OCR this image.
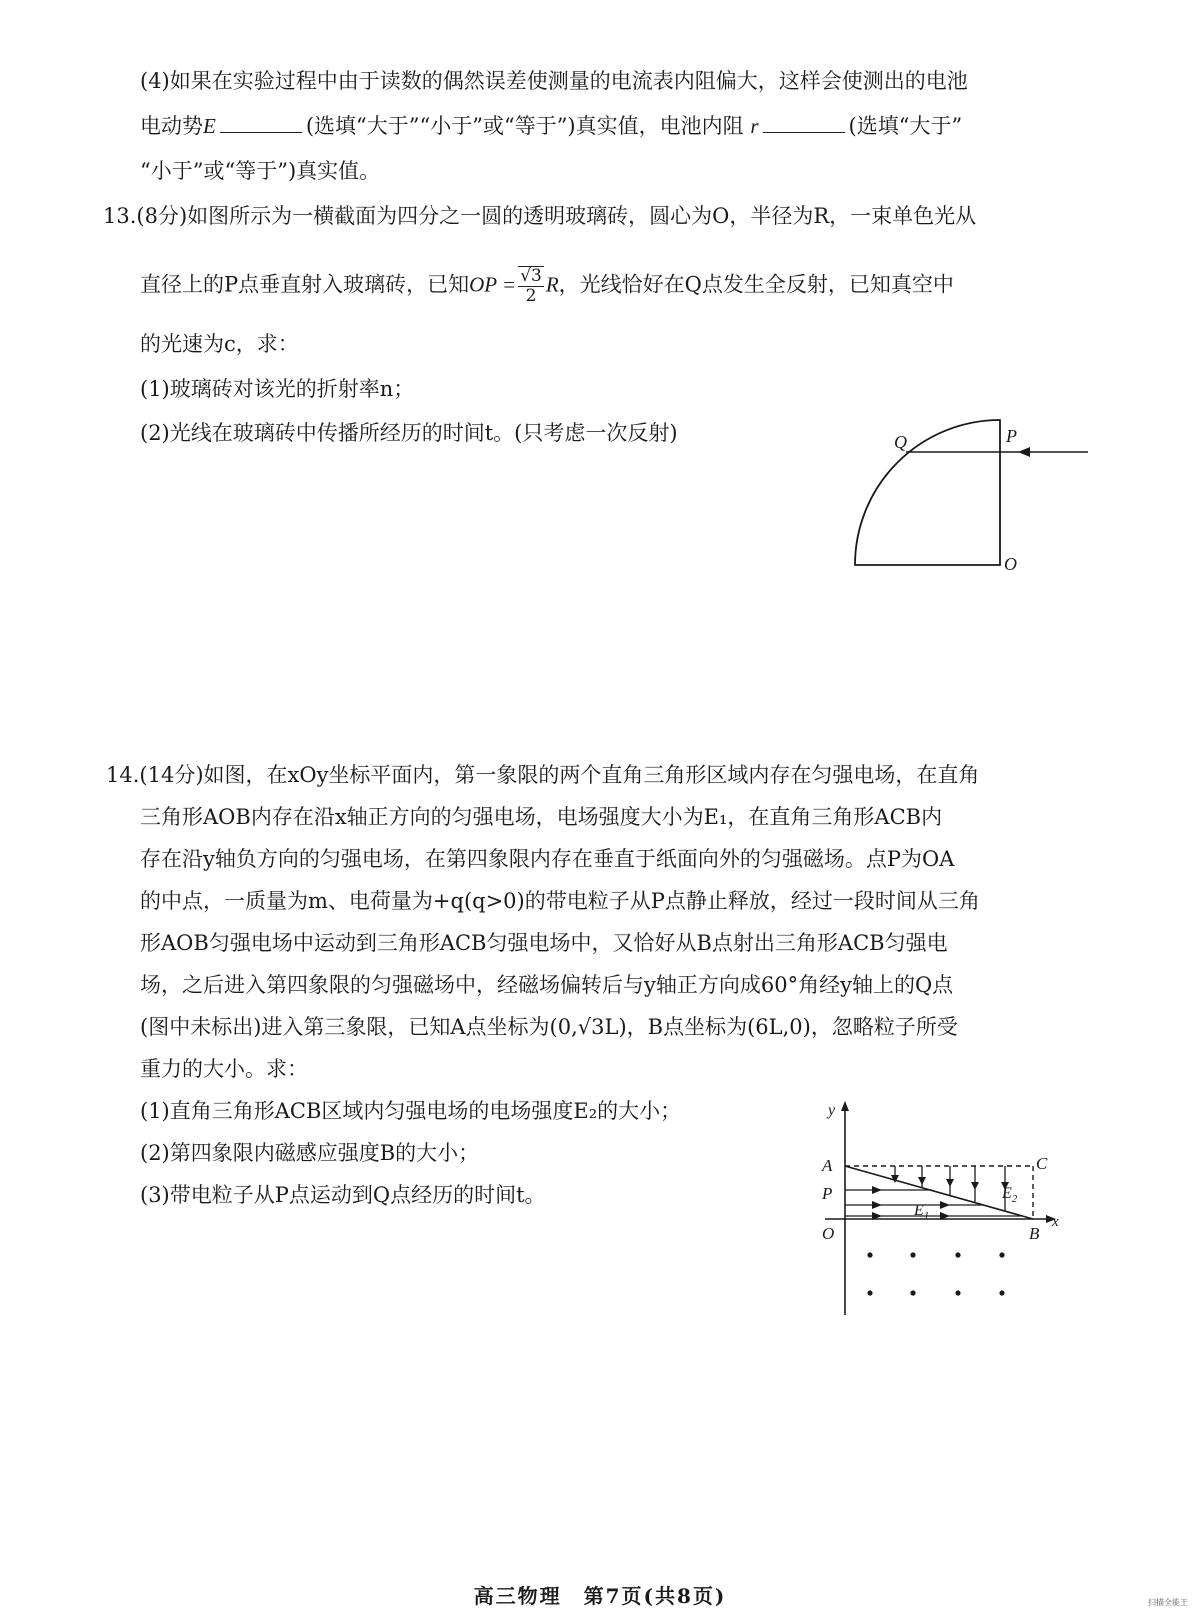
(4)如果在实验过程中由于读数的偶然误差使测量的电流表内阻偏大，这样会使测出的电池
电动势E	(选填“大于”“小于”或“等于”)真实值，电池内阻 r	(选填“大于”
“小于”或“等于”)真实值。
13.(8分)如图所示为一横截面为四分之一圆的透明玻璃砖，圆心为O，半径为R，一束单色光从
直径上的P点垂直射入玻璃砖，已知OP = $\frac{√3}{2}$ R，光线恰好在Q点发生全反射，已知真空中
的光速为c，求：
(1)玻璃砖对该光的折射率n；
(2)光线在玻璃砖中传播所经历的时间t。(只考虑一次反射)	Q	P
O
14.(14分)如图，在xOy坐标平面内，第一象限的两个直角三角形区域内存在匀强电场，在直角
三角形AOB内存在沿x轴正方向的匀强电场，电场强度大小为E₁，在直角三角形ACB内
存在沿y轴负方向的匀强电场，在第四象限内存在垂直于纸面向外的匀强磁场。点P为OA
的中点，一质量为m、电荷量为+q(q>0)的带电粒子从P点静止释放，经过一段时间从三角
形AOB匀强电场中运动到三角形ACB匀强电场中，又恰好从B点射出三角形ACB匀强电
场，之后进入第四象限的匀强磁场中，经磁场偏转后与y轴正方向成60°角经y轴上的Q点
(图中未标出)进入第三象限，已知A点坐标为(0,√3L)，B点坐标为(6L,0)，忽略粒子所受
重力的大小。求：
(1)直角三角形ACB区域内匀强电场的电场强度E₂的大小；
(2)第四象限内磁感应强度B的大小；
(3)带电粒子从P点运动到Q点经历的时间t。
y
x
A	C
P
O	B
$E_1$
$E_2$
高三物理　第7页(共8页)	扫描全能王
